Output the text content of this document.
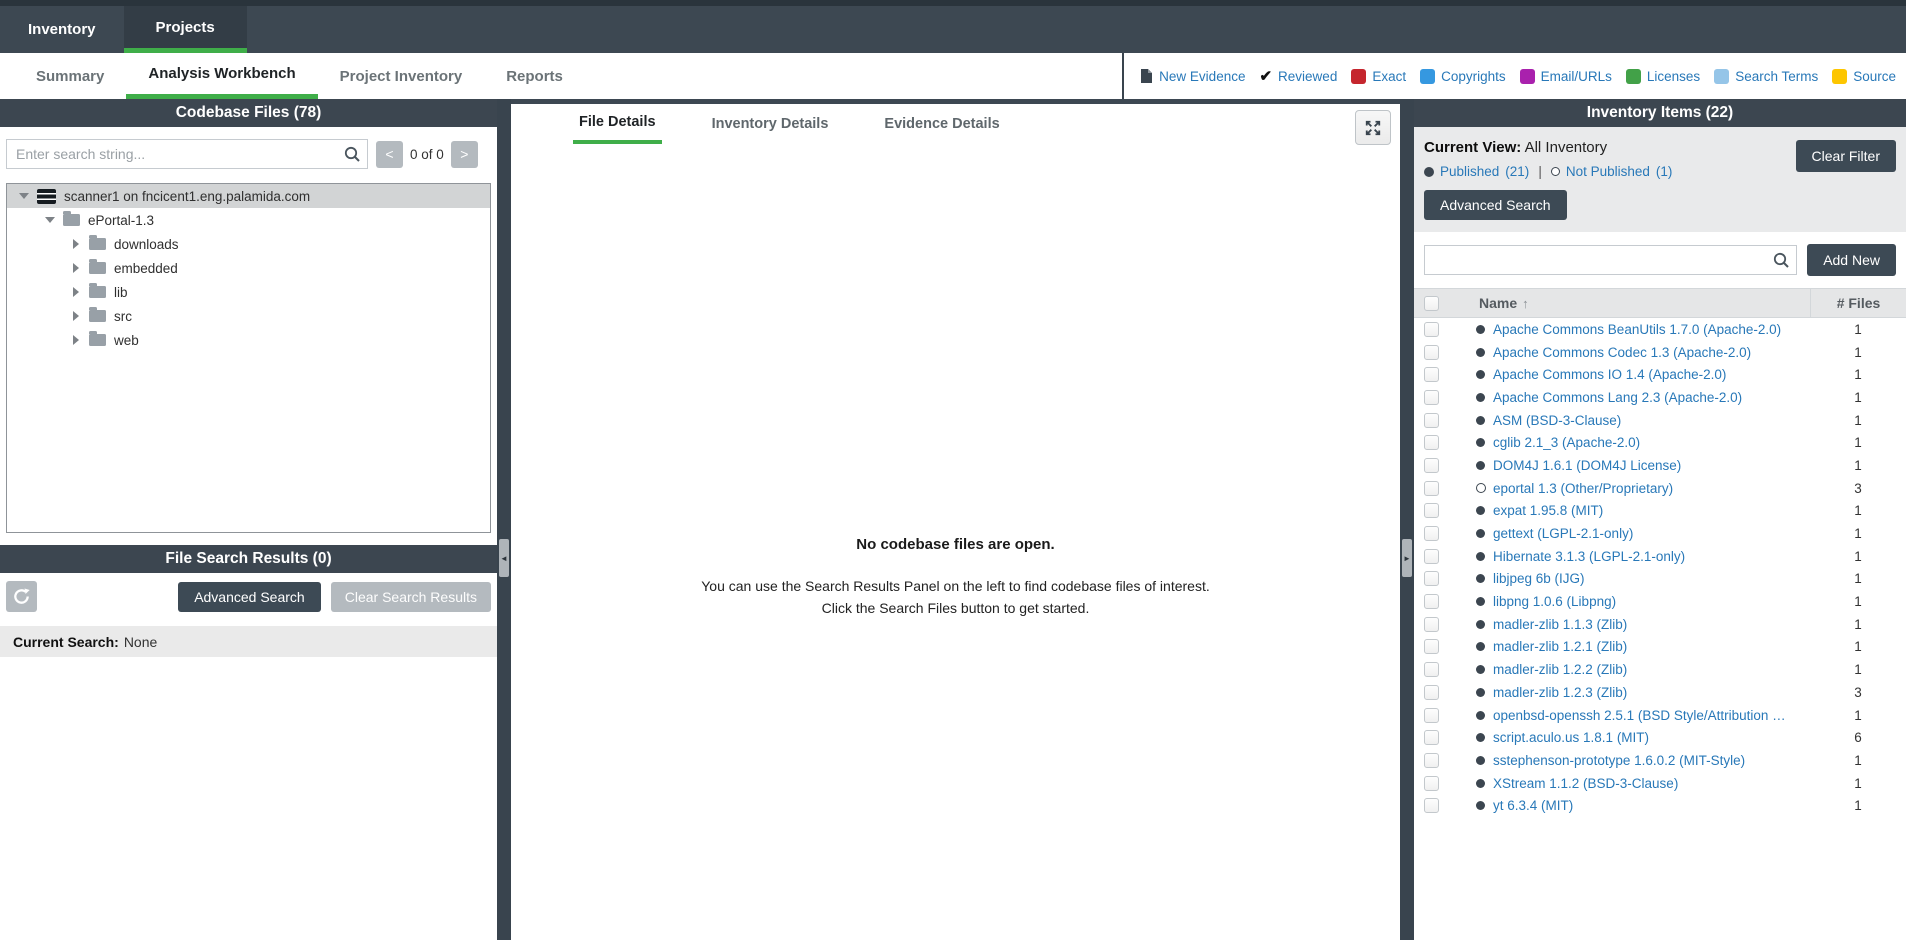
Inventory	Projects
Summary	Analysis Workbench	Project Inventory	Reports	New Evidence ✔ Reviewed	Exact	Copyrights	Email/URLs	Licenses	Search Terms	Source
Codebase Files (78)
Enter search string...
<	0 of 0	>
scanner1 on fncicent1.eng.palamida.com
ePortal-1.3
downloads
embedded
lib
src
web
File Search Results (0)
Advanced Search	Clear Search Results
Current Search: None
◄
File Details	Inventory Details	Evidence Details
No codebase files are open.
You can use the Search Results Panel on the left to find codebase files of interest.
Click the Search Files button to get started.
►
Inventory Items (22)
Current View: All Inventory
Published (21) | Not Published (1)
Clear Filter
Advanced Search
Add New
Name ↑	# Files
Apache Commons BeanUtils 1.7.0 (Apache-2.0)	1
Apache Commons Codec 1.3 (Apache-2.0)	1
Apache Commons IO 1.4 (Apache-2.0)	1
Apache Commons Lang 2.3 (Apache-2.0)	1
ASM (BSD-3-Clause)	1
cglib 2.1_3 (Apache-2.0)	1
DOM4J 1.6.1 (DOM4J License)	1
eportal 1.3 (Other/Proprietary)	3
expat 1.95.8 (MIT)	1
gettext (LGPL-2.1-only)	1
Hibernate 3.1.3 (LGPL-2.1-only)	1
libjpeg 6b (IJG)	1
libpng 1.0.6 (Libpng)	1
madler-zlib 1.1.3 (Zlib)	1
madler-zlib 1.2.1 (Zlib)	1
madler-zlib 1.2.2 (Zlib)	1
madler-zlib 1.2.3 (Zlib)	3
openbsd-openssh 2.5.1 (BSD Style/Attribution …	1
script.aculo.us 1.8.1 (MIT)	6
sstephenson-prototype 1.6.0.2 (MIT-Style)	1
XStream 1.1.2 (BSD-3-Clause)	1
yt 6.3.4 (MIT)	1
